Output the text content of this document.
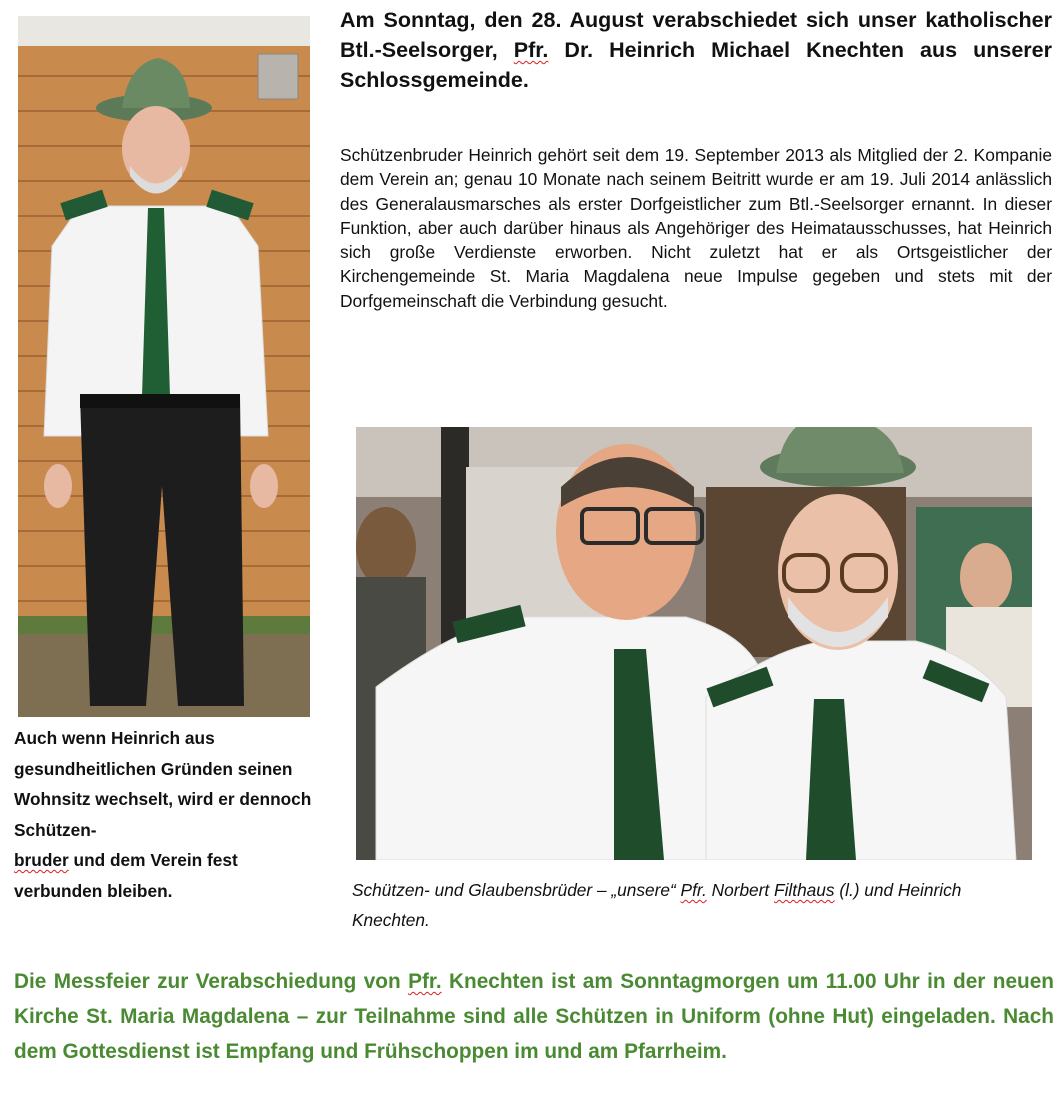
Am Sonntag, den 28. August verabschiedet sich unser katholischer Btl.-Seelsorger, Pfr. Dr. Heinrich Michael Knechten aus unserer Schlossgemeinde.

Schützenbruder Heinrich gehört seit dem 19. September 2013 als Mitglied der 2. Kompanie dem Verein an; genau 10 Monate nach seinem Beitritt wurde er am 19. Juli 2014 anlässlich des Generalausmarsches als erster Dorfgeistlicher zum Btl.-Seelsorger ernannt. In dieser Funktion, aber auch darüber hinaus als Angehöriger des Heimatausschusses, hat Heinrich sich große Verdienste erworben. Nicht zuletzt hat er als Ortsgeistlicher der Kirchengemeinde St. Maria Magdalena neue Impulse gegeben und stets mit der Dorfgemeinschaft die Verbindung gesucht.

Auch wenn Heinrich aus gesundheitlichen Gründen seinen Wohnsitz wechselt, wird er dennoch Schützen-
bruder und dem Verein fest verbunden bleiben.	Schützen- und Glaubensbrüder – „unsere“ Pfr. Norbert Filthaus (l.) und Heinrich Knechten.

Die Messfeier zur Verabschiedung von Pfr. Knechten ist am Sonntagmorgen um 11.00 Uhr in der neuen Kirche St. Maria Magdalena – zur Teilnahme sind alle Schützen in Uniform (ohne Hut) eingeladen. Nach dem Gottesdienst ist Empfang und Frühschoppen im und am Pfarrheim.
